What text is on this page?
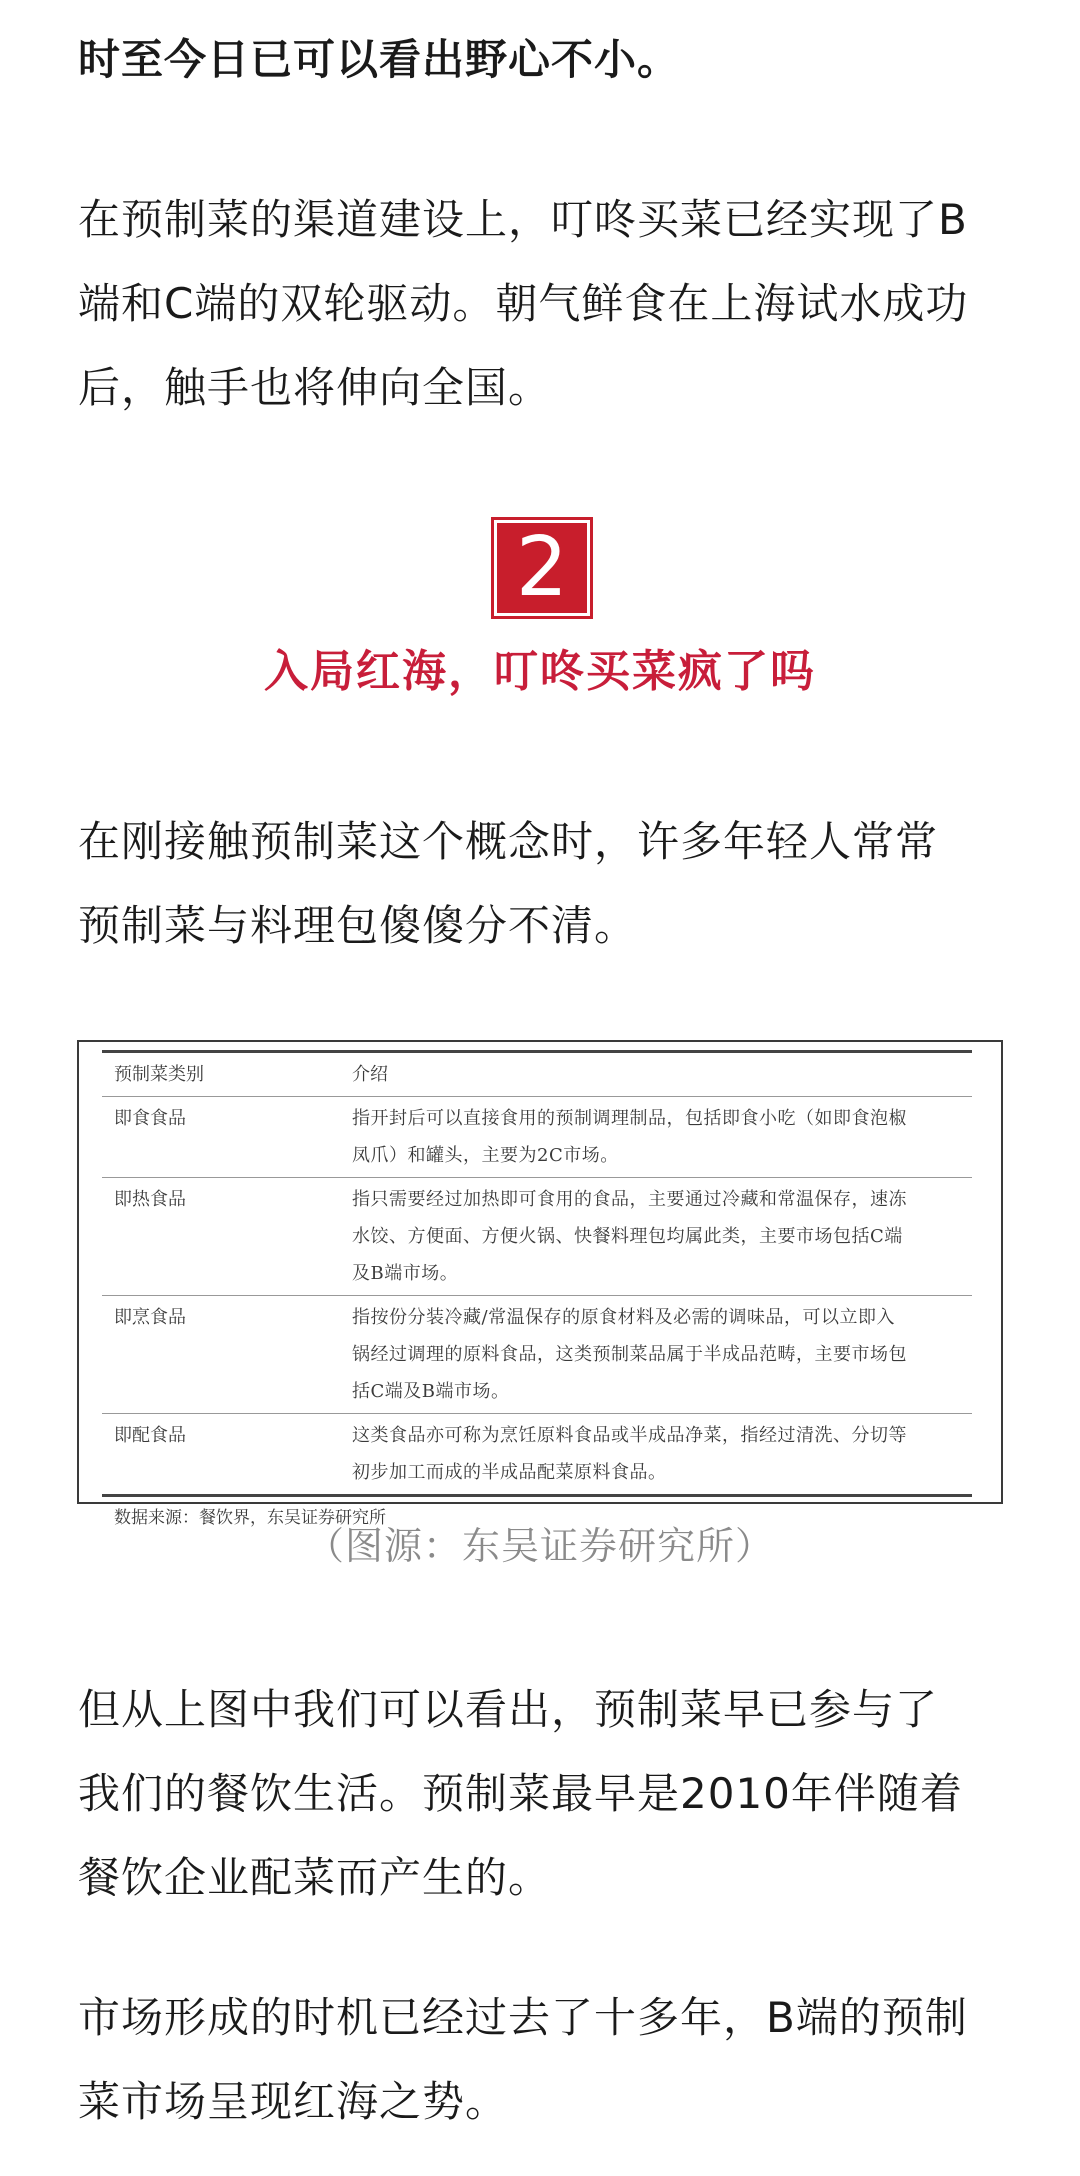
时至今日已可以看出野心不小。

在预制菜的渠道建设上，叮咚买菜已经实现了B
端和C端的双轮驱动。朝气鲜食在上海试水成功
后，触手也将伸向全国。

2
入局红海，叮咚买菜疯了吗

在刚接触预制菜这个概念时，许多年轻人常常
预制菜与料理包傻傻分不清。

预制菜类别	介绍
即食食品	指开封后可以直接食用的预制调理制品，包括即食小吃（如即食泡椒
凤爪）和罐头，主要为2C市场。
即热食品	指只需要经过加热即可食用的食品，主要通过冷藏和常温保存，速冻
水饺、方便面、方便火锅、快餐料理包均属此类，主要市场包括C端
及B端市场。
即烹食品	指按份分装冷藏/常温保存的原食材料及必需的调味品，可以立即入
锅经过调理的原料食品，这类预制菜品属于半成品范畴，主要市场包
括C端及B端市场。
即配食品	这类食品亦可称为烹饪原料食品或半成品净菜，指经过清洗、分切等
初步加工而成的半成品配菜原料食品。
数据来源：餐饮界，东吴证券研究所
（图源：东吴证券研究所）

但从上图中我们可以看出，预制菜早已参与了
我们的餐饮生活。预制菜最早是2010年伴随着
餐饮企业配菜而产生的。

市场形成的时机已经过去了十多年，B端的预制
菜市场呈现红海之势。
